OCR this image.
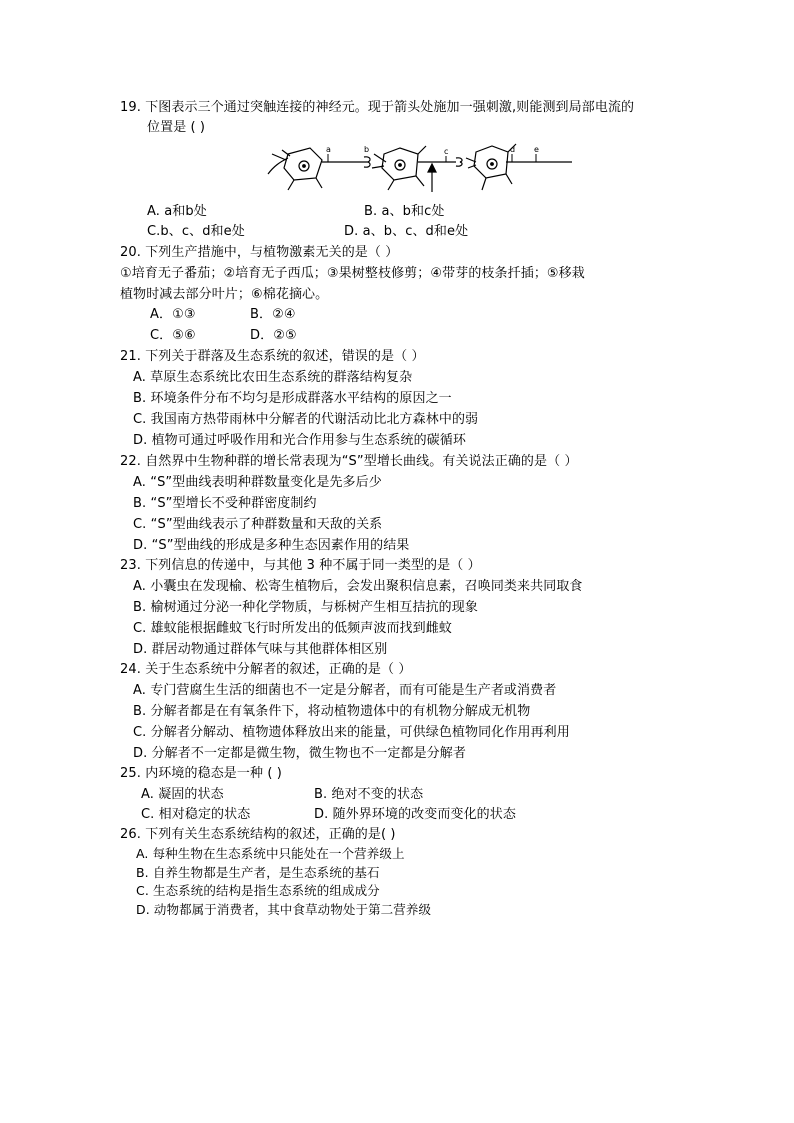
19. 下图表示三个通过突触连接的神经元。现于箭头处施加一强刺激,则能测到局部电流的
位置是 ( )
a	b	c	d e
A. a和b处	B. a、b和c处
C.b、c、d和e处	D. a、b、c、d和e处
20. 下列生产措施中，与植物激素无关的是（ ）
①培育无子番茄；②培育无子西瓜；③果树整枝修剪；④带芽的枝条扦插；⑤移栽
植物时减去部分叶片；⑥棉花摘心。
A．①③	B．②④
C．⑤⑥	D．②⑤
21. 下列关于群落及生态系统的叙述，错误的是（ ）
A. 草原生态系统比农田生态系统的群落结构复杂
B. 环境条件分布不均匀是形成群落水平结构的原因之一
C. 我国南方热带雨林中分解者的代谢活动比北方森林中的弱
D. 植物可通过呼吸作用和光合作用参与生态系统的碳循环
22. 自然界中生物种群的增长常表现为“S”型增长曲线。有关说法正确的是（ ）
A. “S”型曲线表明种群数量变化是先多后少
B. “S”型增长不受种群密度制约
C. “S”型曲线表示了种群数量和天敌的关系
D. “S”型曲线的形成是多种生态因素作用的结果
23. 下列信息的传递中，与其他 3 种不属于同一类型的是（ ）
A. 小囊虫在发现榆、松寄生植物后，会发出聚积信息素，召唤同类来共同取食
B. 榆树通过分泌一种化学物质，与栎树产生相互拮抗的现象
C. 雄蚊能根据雌蚊飞行时所发出的低频声波而找到雌蚊
D. 群居动物通过群体气味与其他群体相区别
24. 关于生态系统中分解者的叙述，正确的是（ ）
A. 专门营腐生生活的细菌也不一定是分解者，而有可能是生产者或消费者
B. 分解者都是在有氧条件下，将动植物遗体中的有机物分解成无机物
C. 分解者分解动、植物遗体释放出来的能量，可供绿色植物同化作用再利用
D. 分解者不一定都是微生物，微生物也不一定都是分解者
25. 内环境的稳态是一种 ( )
A. 凝固的状态	B. 绝对不变的状态
C. 相对稳定的状态	D. 随外界环境的改变而变化的状态
26. 下列有关生态系统结构的叙述，正确的是( )
A. 每种生物在生态系统中只能处在一个营养级上
B. 自养生物都是生产者，是生态系统的基石
C. 生态系统的结构是指生态系统的组成成分
D. 动物都属于消费者，其中食草动物处于第二营养级
